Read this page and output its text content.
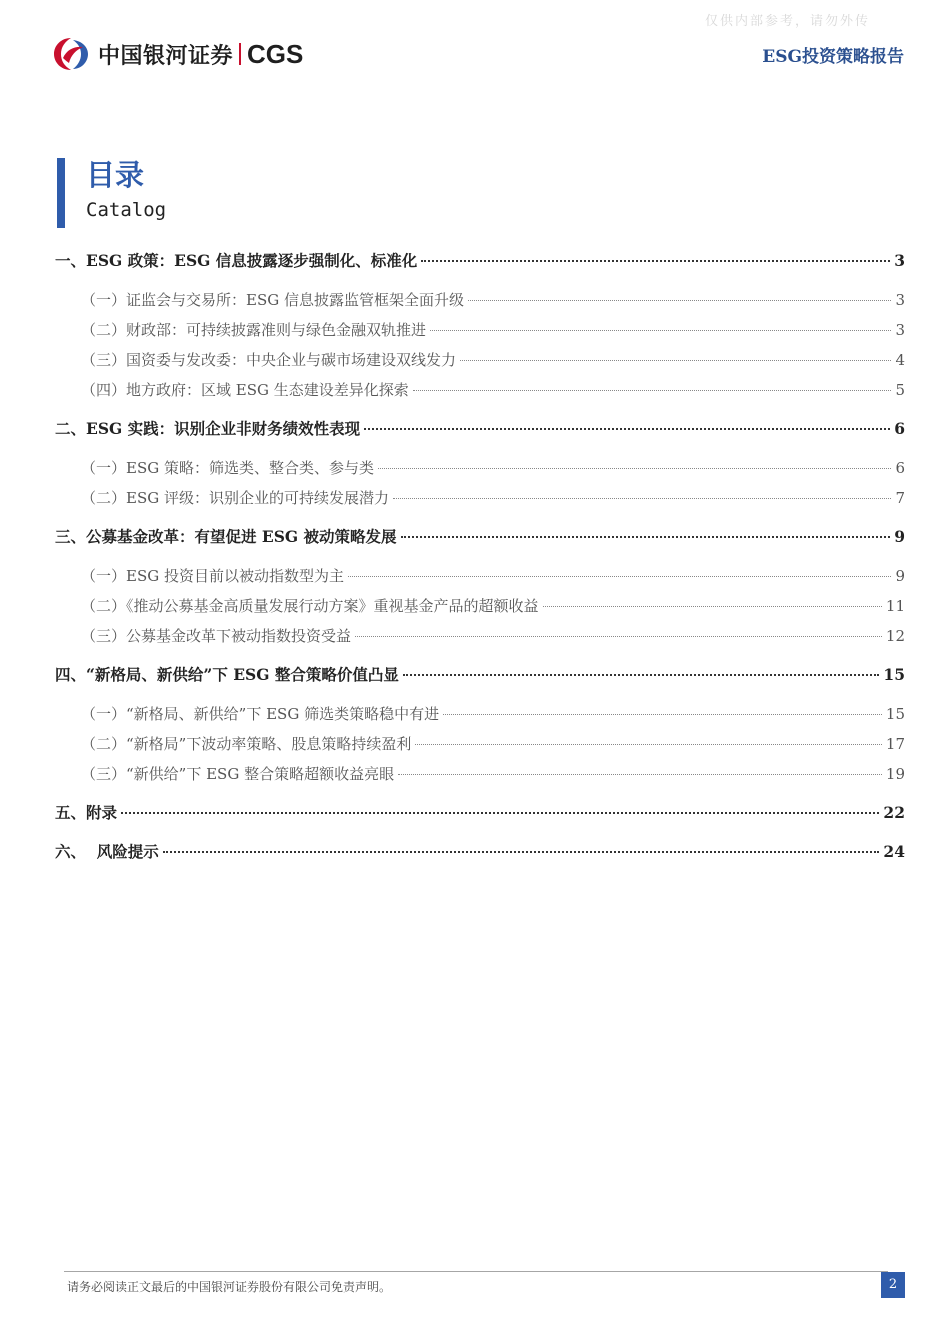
仅供内部参考，请勿外传
中国银河证券 CGS	ESG投资策略报告
目录
Catalog
一、ESG 政策：ESG 信息披露逐步强制化、标准化	3
（一）证监会与交易所：ESG 信息披露监管框架全面升级	3
（二）财政部：可持续披露准则与绿色金融双轨推进	3
（三）国资委与发改委：中央企业与碳市场建设双线发力	4
（四）地方政府：区域 ESG 生态建设差异化探索	5
二、ESG 实践：识别企业非财务绩效性表现	6
（一）ESG 策略：筛选类、整合类、参与类	6
（二）ESG 评级：识别企业的可持续发展潜力	7
三、公募基金改革：有望促进 ESG 被动策略发展	9
（一）ESG 投资目前以被动指数型为主	9
（二）《推动公募基金高质量发展行动方案》重视基金产品的超额收益	11
（三）公募基金改革下被动指数投资受益	12
四、“新格局、新供给”下 ESG 整合策略价值凸显	15
（一）“新格局、新供给”下 ESG 筛选类策略稳中有进	15
（二）“新格局”下波动率策略、股息策略持续盈利	17
（三）“新供给”下 ESG 整合策略超额收益亮眼	19
五、附录	22
六、  风险提示	24
请务必阅读正文最后的中国银河证券股份有限公司免责声明。	2
